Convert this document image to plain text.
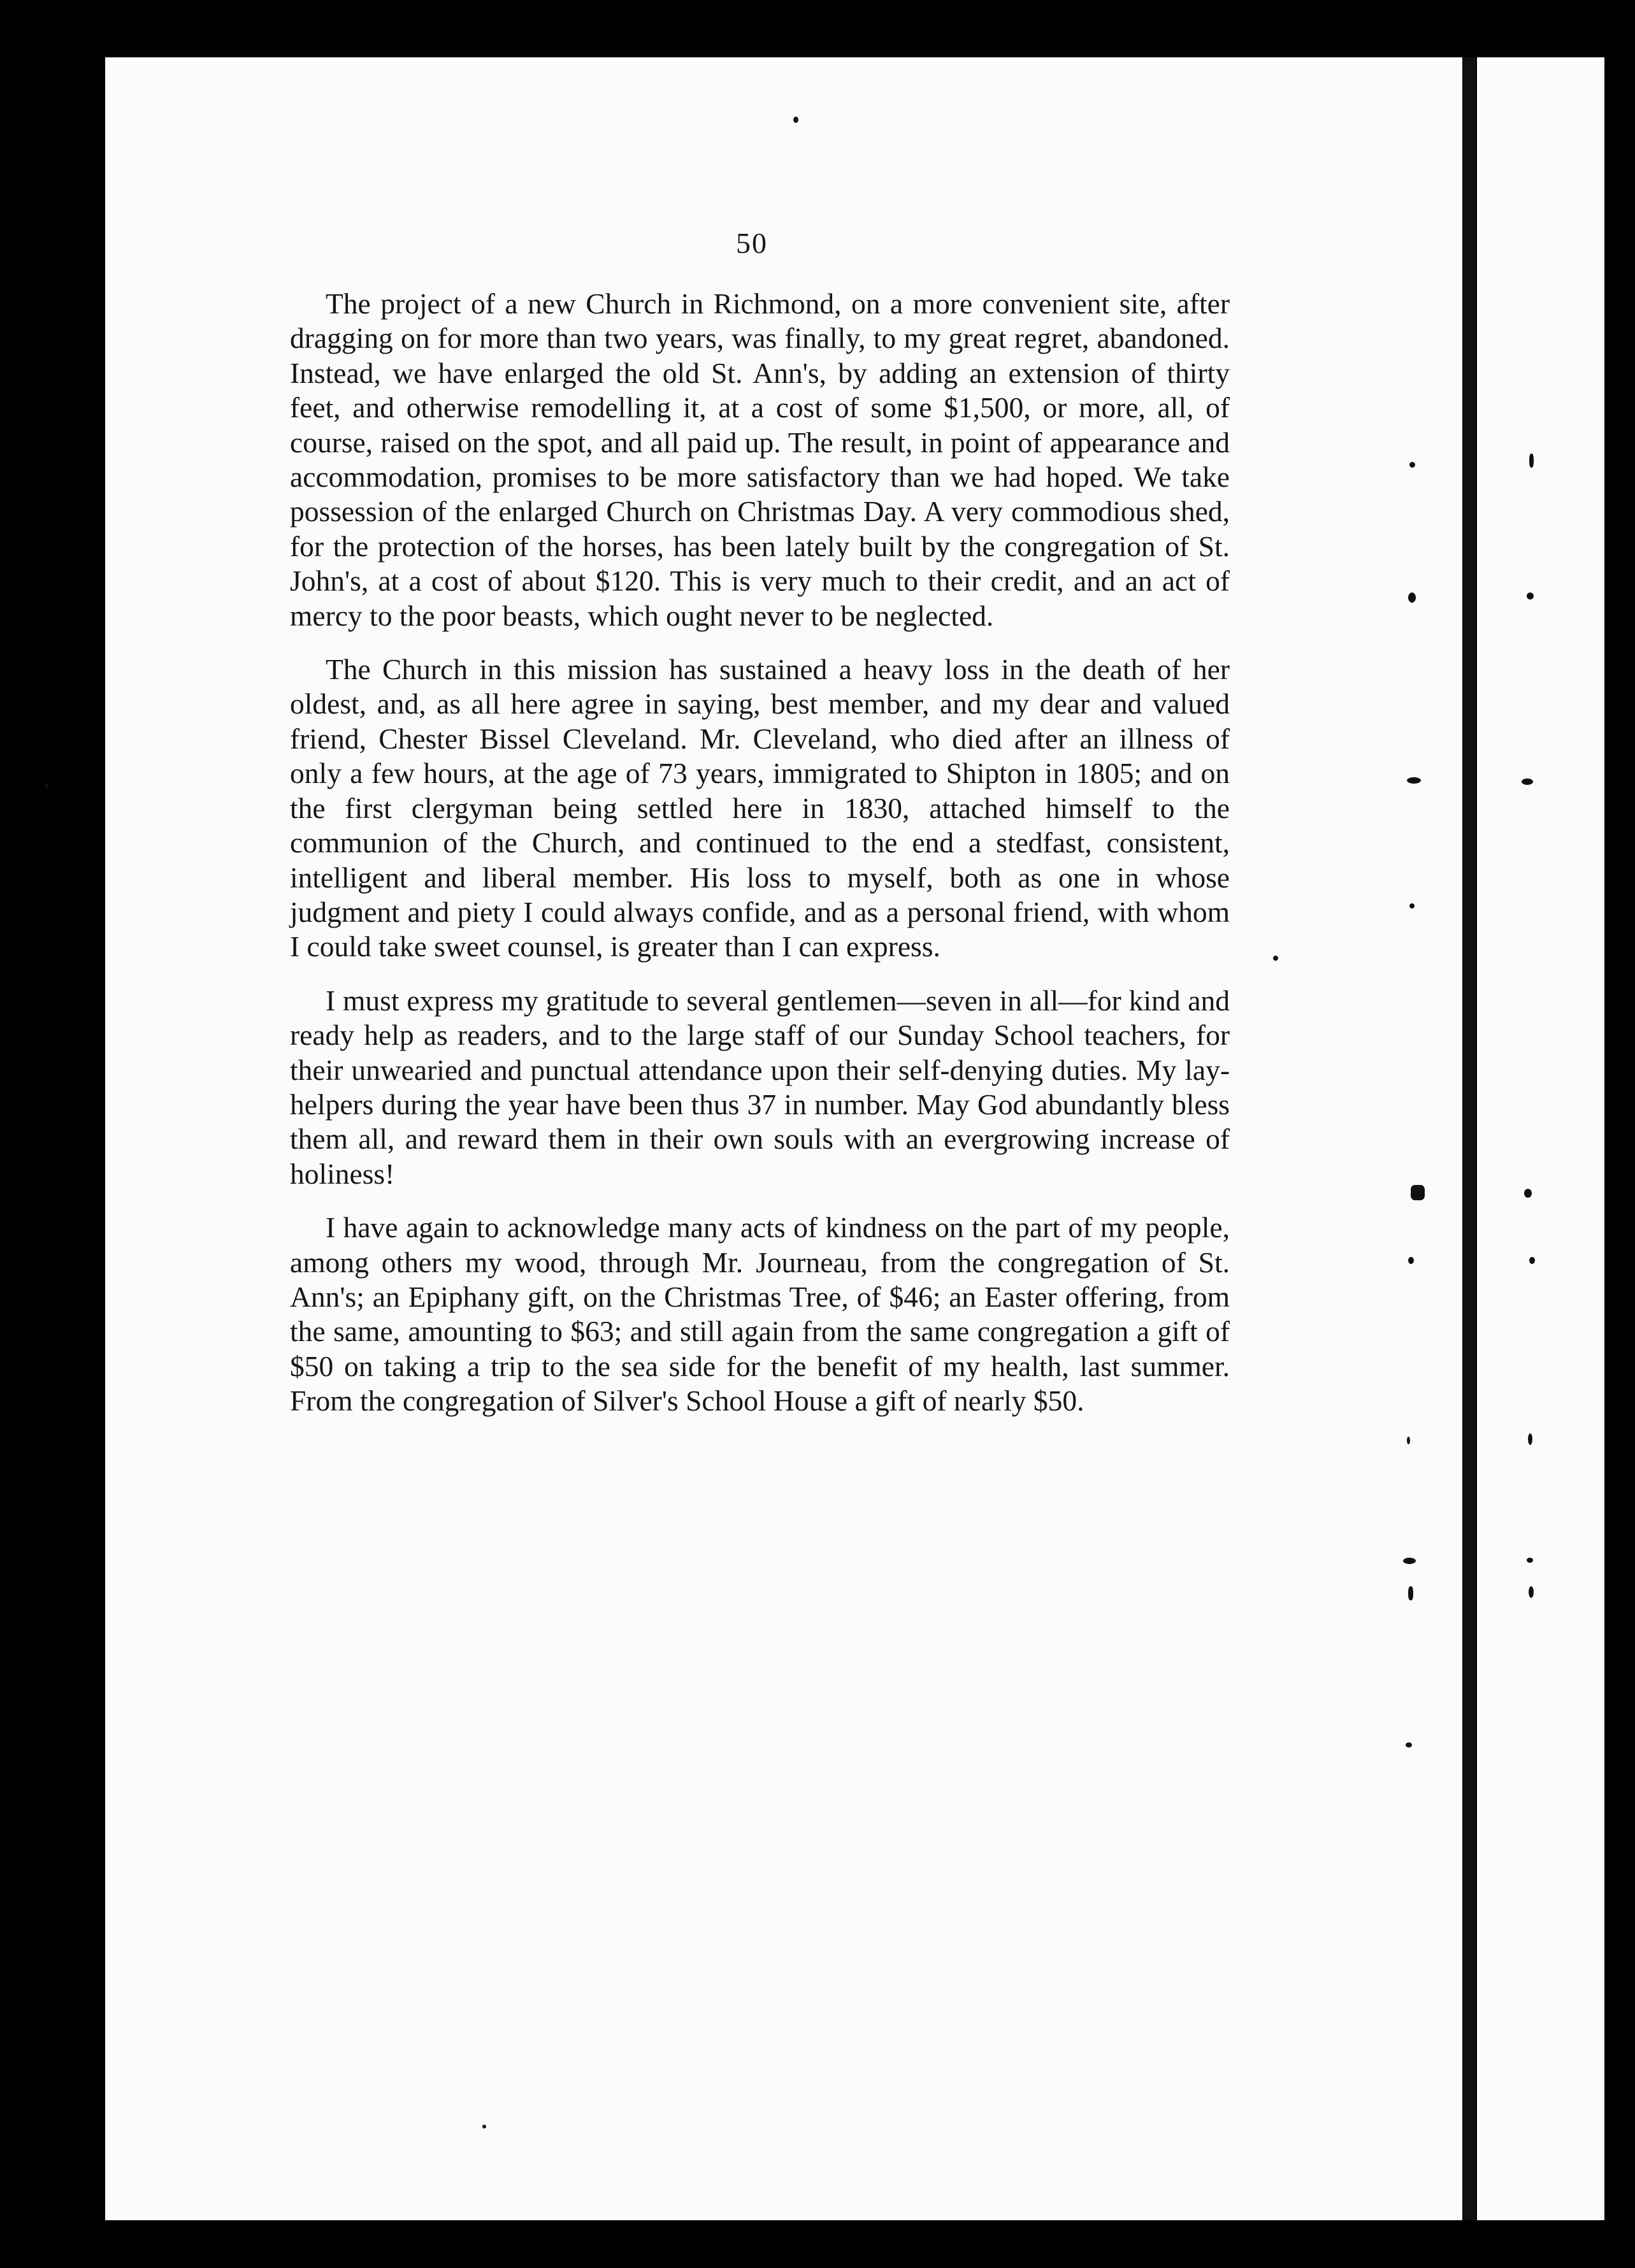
50

The project of a new Church in Richmond, on a more convenient site, after dragging on for more than two years, was finally, to my great regret, abandoned. Instead, we have enlarged the old St. Ann's, by adding an extension of thirty feet, and otherwise remodelling it, at a cost of some $1,500, or more, all, of course, raised on the spot, and all paid up. The result, in point of appearance and accommodation, promises to be more satisfactory than we had hoped. We take possession of the enlarged Church on Christmas Day. A very commodious shed, for the protection of the horses, has been lately built by the congregation of St. John's, at a cost of about $120. This is very much to their credit, and an act of mercy to the poor beasts, which ought never to be neglected.

The Church in this mission has sustained a heavy loss in the death of her oldest, and, as all here agree in saying, best member, and my dear and valued friend, Chester Bissel Cleveland. Mr. Cleveland, who died after an illness of only a few hours, at the age of 73 years, immigrated to Shipton in 1805; and on the first clergyman being settled here in 1830, attached himself to the communion of the Church, and continued to the end a stedfast, consistent, intelligent and liberal member. His loss to myself, both as one in whose judgment and piety I could always confide, and as a personal friend, with whom I could take sweet counsel, is greater than I can express.

I must express my gratitude to several gentlemen—seven in all—for kind and ready help as readers, and to the large staff of our Sunday School teachers, for their unwearied and punctual attendance upon their self-denying duties. My lay-helpers during the year have been thus 37 in number. May God abundantly bless them all, and reward them in their own souls with an evergrowing increase of holiness!

I have again to acknowledge many acts of kindness on the part of my people, among others my wood, through Mr. Journeau, from the congregation of St. Ann's; an Epiphany gift, on the Christmas Tree, of $46; an Easter offering, from the same, amounting to $63; and still again from the same congregation a gift of $50 on taking a trip to the sea side for the benefit of my health, last summer. From the congregation of Silver's School House a gift of nearly $50.
